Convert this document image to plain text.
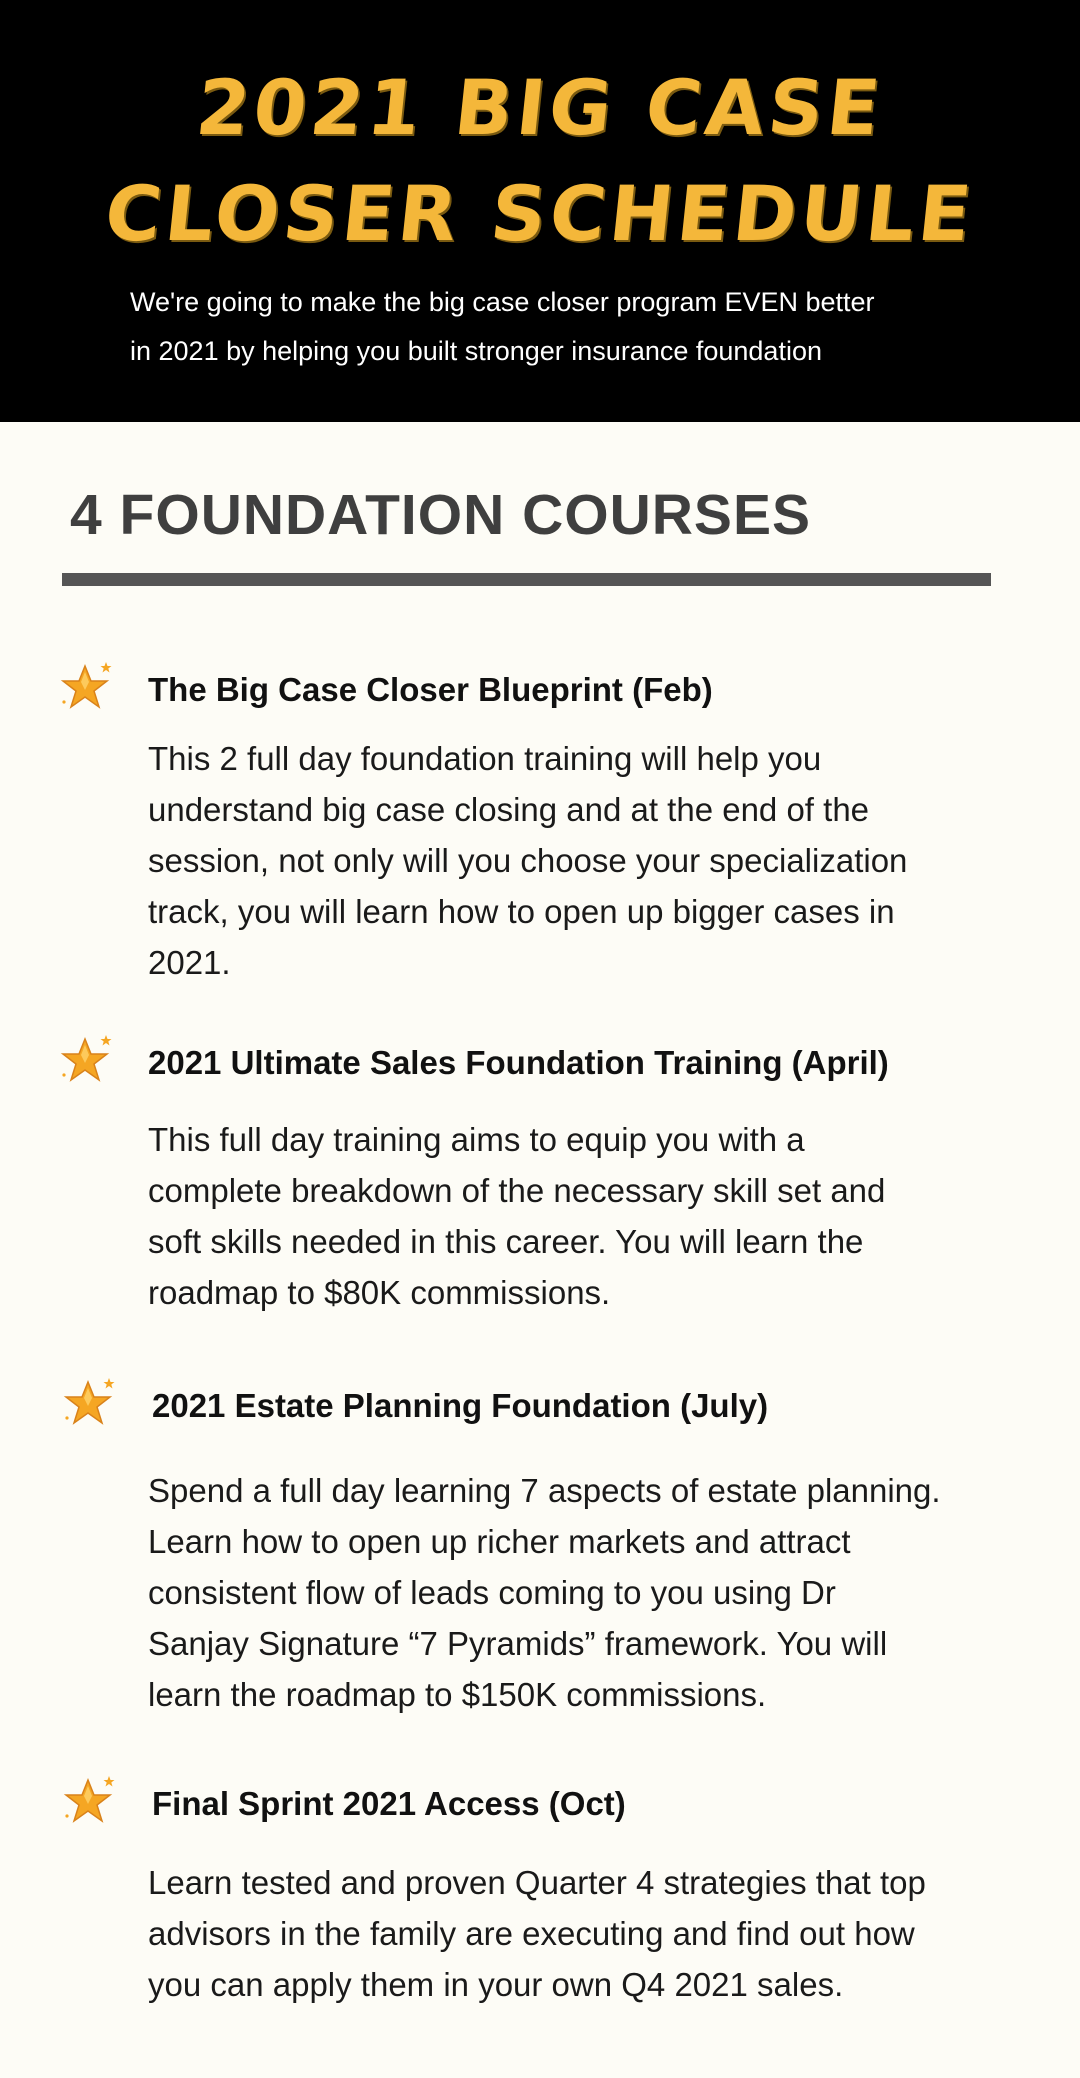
2021 BIG CASE
CLOSER SCHEDULE
We're going to make the big case closer program EVEN better
in 2021 by helping you built stronger insurance foundation
4 FOUNDATION COURSES
The Big Case Closer Blueprint (Feb)
This 2 full day foundation training will help you
understand big case closing and at the end of the
session, not only will you choose your specialization
track, you will learn how to open up bigger cases in
2021.
2021 Ultimate Sales Foundation Training (April)
This full day training aims to equip you with a
complete breakdown of the necessary skill set and
soft skills needed in this career. You will learn the
roadmap to $80K commissions.
2021 Estate Planning Foundation (July)
Spend a full day learning 7 aspects of estate planning.
Learn how to open up richer markets and attract
consistent flow of leads coming to you using Dr
Sanjay Signature “7 Pyramids” framework. You will
learn the roadmap to $150K commissions.
Final Sprint 2021 Access (Oct)
Learn tested and proven Quarter 4 strategies that top
advisors in the family are executing and find out how
you can apply them in your own Q4 2021 sales.
